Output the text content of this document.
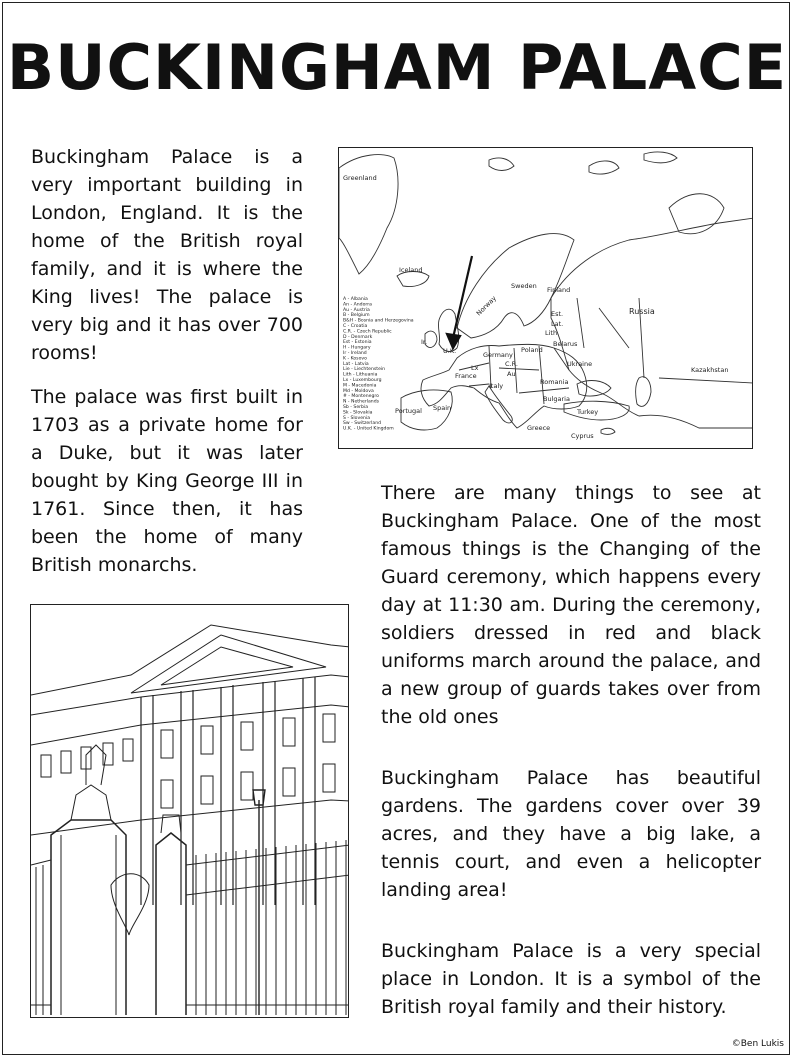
BUCKINGHAM PALACE

Buckingham Palace is a very important building in London, England. It is the home of the British royal family, and it is where the King lives! The palace is very big and it has over 700 rooms!

The palace was first built in 1703 as a private home for a Duke, but it was later bought by King George III in 1761. Since then, it has been the home of many British monarchs.

Greenland
Iceland
Norway
Sweden Finland
Russia
Est.
Lat.
Lith.
Belarus
Poland
Germany
France
Spain
Portugal
Italy
Ukraine
Romania
Bulgaria
Turkey
Greece
Cyprus
Kazakhstan
U.K.
Ir.
C.R.
Lx
Au
A - Albania
An - Andorra
Au - Austria
B - Belgium
B&H - Bosnia and Herzegovina
C - Croatia
C.R. - Czech Republic
D - Denmark
Est - Estonia
H - Hungary
Ir - Ireland
K - Kosovo
Lat - Latvia
Lie - Liechtenstein
Lith - Lithuania
Lx - Luxembourg
M - Macedonia
Md - Moldova
# - Montenegro
N - Netherlands
Sb - Serbia
Sk - Slovakia
S - Slovenia
Sw - Switzerland
U.K. - United Kingdom

There are many things to see at Buckingham Palace. One of the most famous things is the Changing of the Guard ceremony, which happens every day at 11:30 am. During the ceremony, soldiers dressed in red and black uniforms march around the palace, and a new group of guards takes over from the old ones

Buckingham Palace has beautiful gardens. The gardens cover over 39 acres, and they have a big lake, a tennis court, and even a helicopter landing area!

Buckingham Palace is a very special place in London. It is a symbol of the British royal family and their history.

©Ben Lukis
